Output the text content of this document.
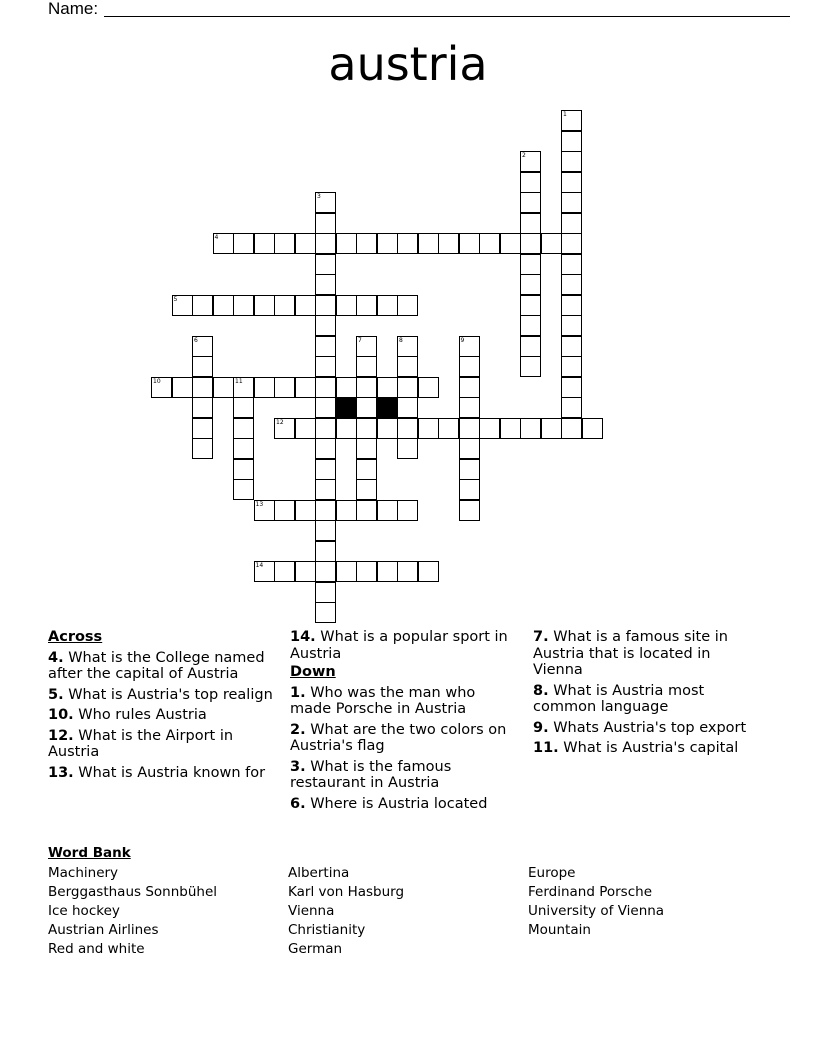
Name:
austria
1
2
3
4
5
6	7	8	9
10	11
12
13
14
Across
4. What is the College named after the capital of Austria
5. What is Austria's top realign
10. Who rules Austria
12. What is the Airport in Austria
13. What is Austria known for
14. What is a popular sport in Austria
Down
1. Who was the man who made Porsche in Austria
2. What are the two colors on Austria's flag
3. What is the famous restaurant in Austria
6. Where is Austria located
7. What is a famous site in Austria that is located in Vienna
8. What is Austria most common language
9. Whats Austria's top export
11. What is Austria's capital
Word Bank
Machinery
Berggasthaus Sonnbühel
Ice hockey
Austrian Airlines
Red and white
Albertina
Karl von Hasburg
Vienna
Christianity
German
Europe
Ferdinand Porsche
University of Vienna
Mountain
